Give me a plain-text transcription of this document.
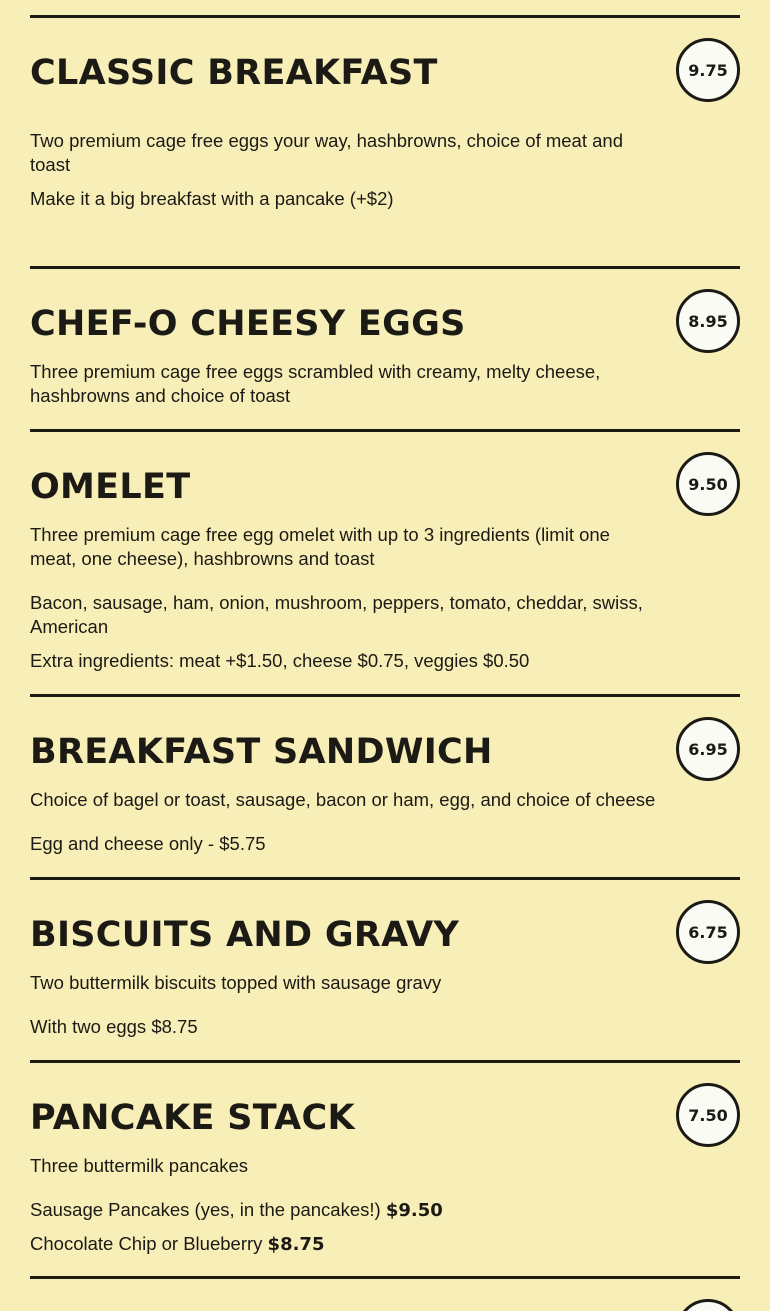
CLASSIC BREAKFAST	9.75

Two premium cage free eggs your way, hashbrowns, choice of meat and toast

Make it a big breakfast with a pancake (+$2)

CHEF-O CHEESY EGGS	8.95

Three premium cage free eggs scrambled with creamy, melty cheese, hashbrowns and choice of toast

OMELET	9.50

Three premium cage free egg omelet with up to 3 ingredients (limit one meat, one cheese), hashbrowns and toast

Bacon, sausage, ham, onion, mushroom, peppers, tomato, cheddar, swiss, American

Extra ingredients: meat +$1.50, cheese $0.75, veggies $0.50

BREAKFAST SANDWICH	6.95

Choice of bagel or toast, sausage, bacon or ham, egg, and choice of cheese

Egg and cheese only - $5.75

BISCUITS AND GRAVY	6.75

Two buttermilk biscuits topped with sausage gravy

With two eggs $8.75

PANCAKE STACK	7.50

Three buttermilk pancakes

Sausage Pancakes (yes, in the pancakes!) $9.50

Chocolate Chip or Blueberry $8.75
